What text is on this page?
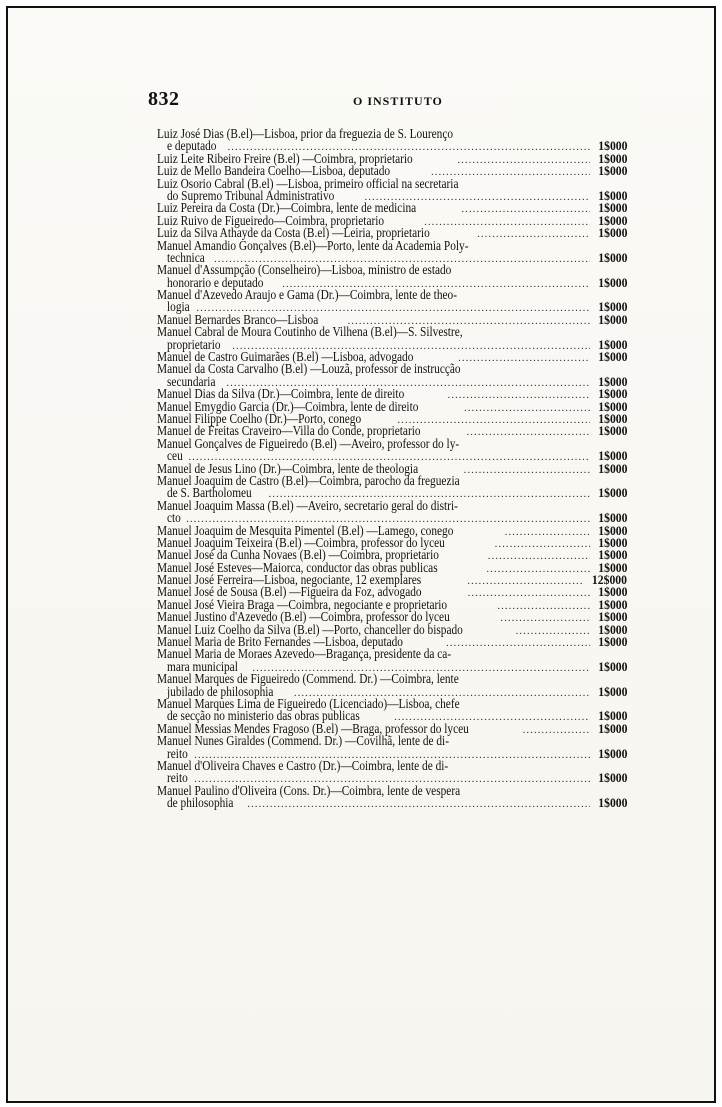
832	O INSTITUTO
Luiz José Dias (B.el)—Lisboa, prior da freguezia de S. Lourenço
e deputado .....	1$000
Luiz Leite Ribeiro Freire (B.el) —Coimbra, proprietario .....	1$000
Luiz de Mello Bandeira Coelho—Lisboa, deputado .....	1$000
Luiz Osorio Cabral (B.el) —Lisboa, primeiro official na secretaria
do Supremo Tribunal Administrativo .....	1$000
Luiz Pereira da Costa (Dr.)—Coimbra, lente de medicina .....	1$000
Luiz Ruivo de Figueiredo—Coimbra, proprietario .....	1$000
Luiz da Silva Athayde da Costa (B.el) —Leiria, proprietario .....	1$000
Manuel Amandio Gonçalves (B.el)—Porto, lente da Academia Poly-
technica .....	1$000
Manuel d'Assumpção (Conselheiro)—Lisboa, ministro de estado
honorario e deputado .....	1$000
Manuel d'Azevedo Araujo e Gama (Dr.)—Coimbra, lente de theo-
logia .....	1$000
Manuel Bernardes Branco—Lisboa .....	1$000
Manuel Cabral de Moura Coutinho de Vilhena (B.el)—S. Silvestre,
proprietario .....	1$000
Manuel de Castro Guimarães (B.el) —Lisboa, advogado .....	1$000
Manuel da Costa Carvalho (B.el) —Louzã, professor de instrucção
secundaria .....	1$000
Manuel Dias da Silva (Dr.)—Coimbra, lente de direito .....	1$000
Manuel Emygdio Garcia (Dr.)—Coimbra, lente de direito .....	1$000
Manuel Filippe Coelho (Dr.)—Porto, conego .....	1$000
Manuel de Freitas Craveiro—Villa do Conde, proprietario .....	1$000
Manuel Gonçalves de Figueiredo (B.el) —Aveiro, professor do ly-
ceu .....	1$000
Manuel de Jesus Lino (Dr.)—Coimbra, lente de theologia .....	1$000
Manuel Joaquim de Castro (B.el)—Coimbra, parocho da freguezia
de S. Bartholomeu .....	1$000
Manuel Joaquim Massa (B.el) —Aveiro, secretario geral do distri-
cto .....	1$000
Manuel Joaquim de Mesquita Pimentel (B.el) —Lamego, conego .....	1$000
Manuel Joaquim Teixeira (B.el) —Coimbra, professor do lyceu .....	1$000
Manuel José da Cunha Novaes (B.el) —Coimbra, proprietario .....	1$000
Manuel José Esteves—Maiorca, conductor das obras publicas .....	1$000
Manuel José Ferreira—Lisboa, negociante, 12 exemplares .....	12$000
Manuel José de Sousa (B.el) —Figueira da Foz, advogado .....	1$000
Manuel José Vieira Braga —Coimbra, negociante e proprietario .....	1$000
Manuel Justino d'Azevedo (B.el) —Coimbra, professor do lyceu .....	1$000
Manuel Luiz Coelho da Silva (B.el) —Porto, chanceller do bispado .....	1$000
Manuel Maria de Brito Fernandes —Lisboa, deputado .....	1$000
Manuel Maria de Moraes Azevedo—Bragança, presidente da ca-
mara municipal .....	1$000
Manuel Marques de Figueiredo (Commend. Dr.) —Coimbra, lente
jubilado de philosophia .....	1$000
Manuel Marques Lima de Figueiredo (Licenciado)—Lisboa, chefe
de secção no ministerio das obras publicas .....	1$000
Manuel Messias Mendes Fragoso (B.el) —Braga, professor do lyceu .....	1$000
Manuel Nunes Giraldes (Commend. Dr.) —Covilhã, lente de di-
reito .....	1$000
Manuel d'Oliveira Chaves e Castro (Dr.)—Coimbra, lente de di-
reito .....	1$000
Manuel Paulino d'Oliveira (Cons. Dr.)—Coimbra, lente de vespera
de philosophia .....	1$000
